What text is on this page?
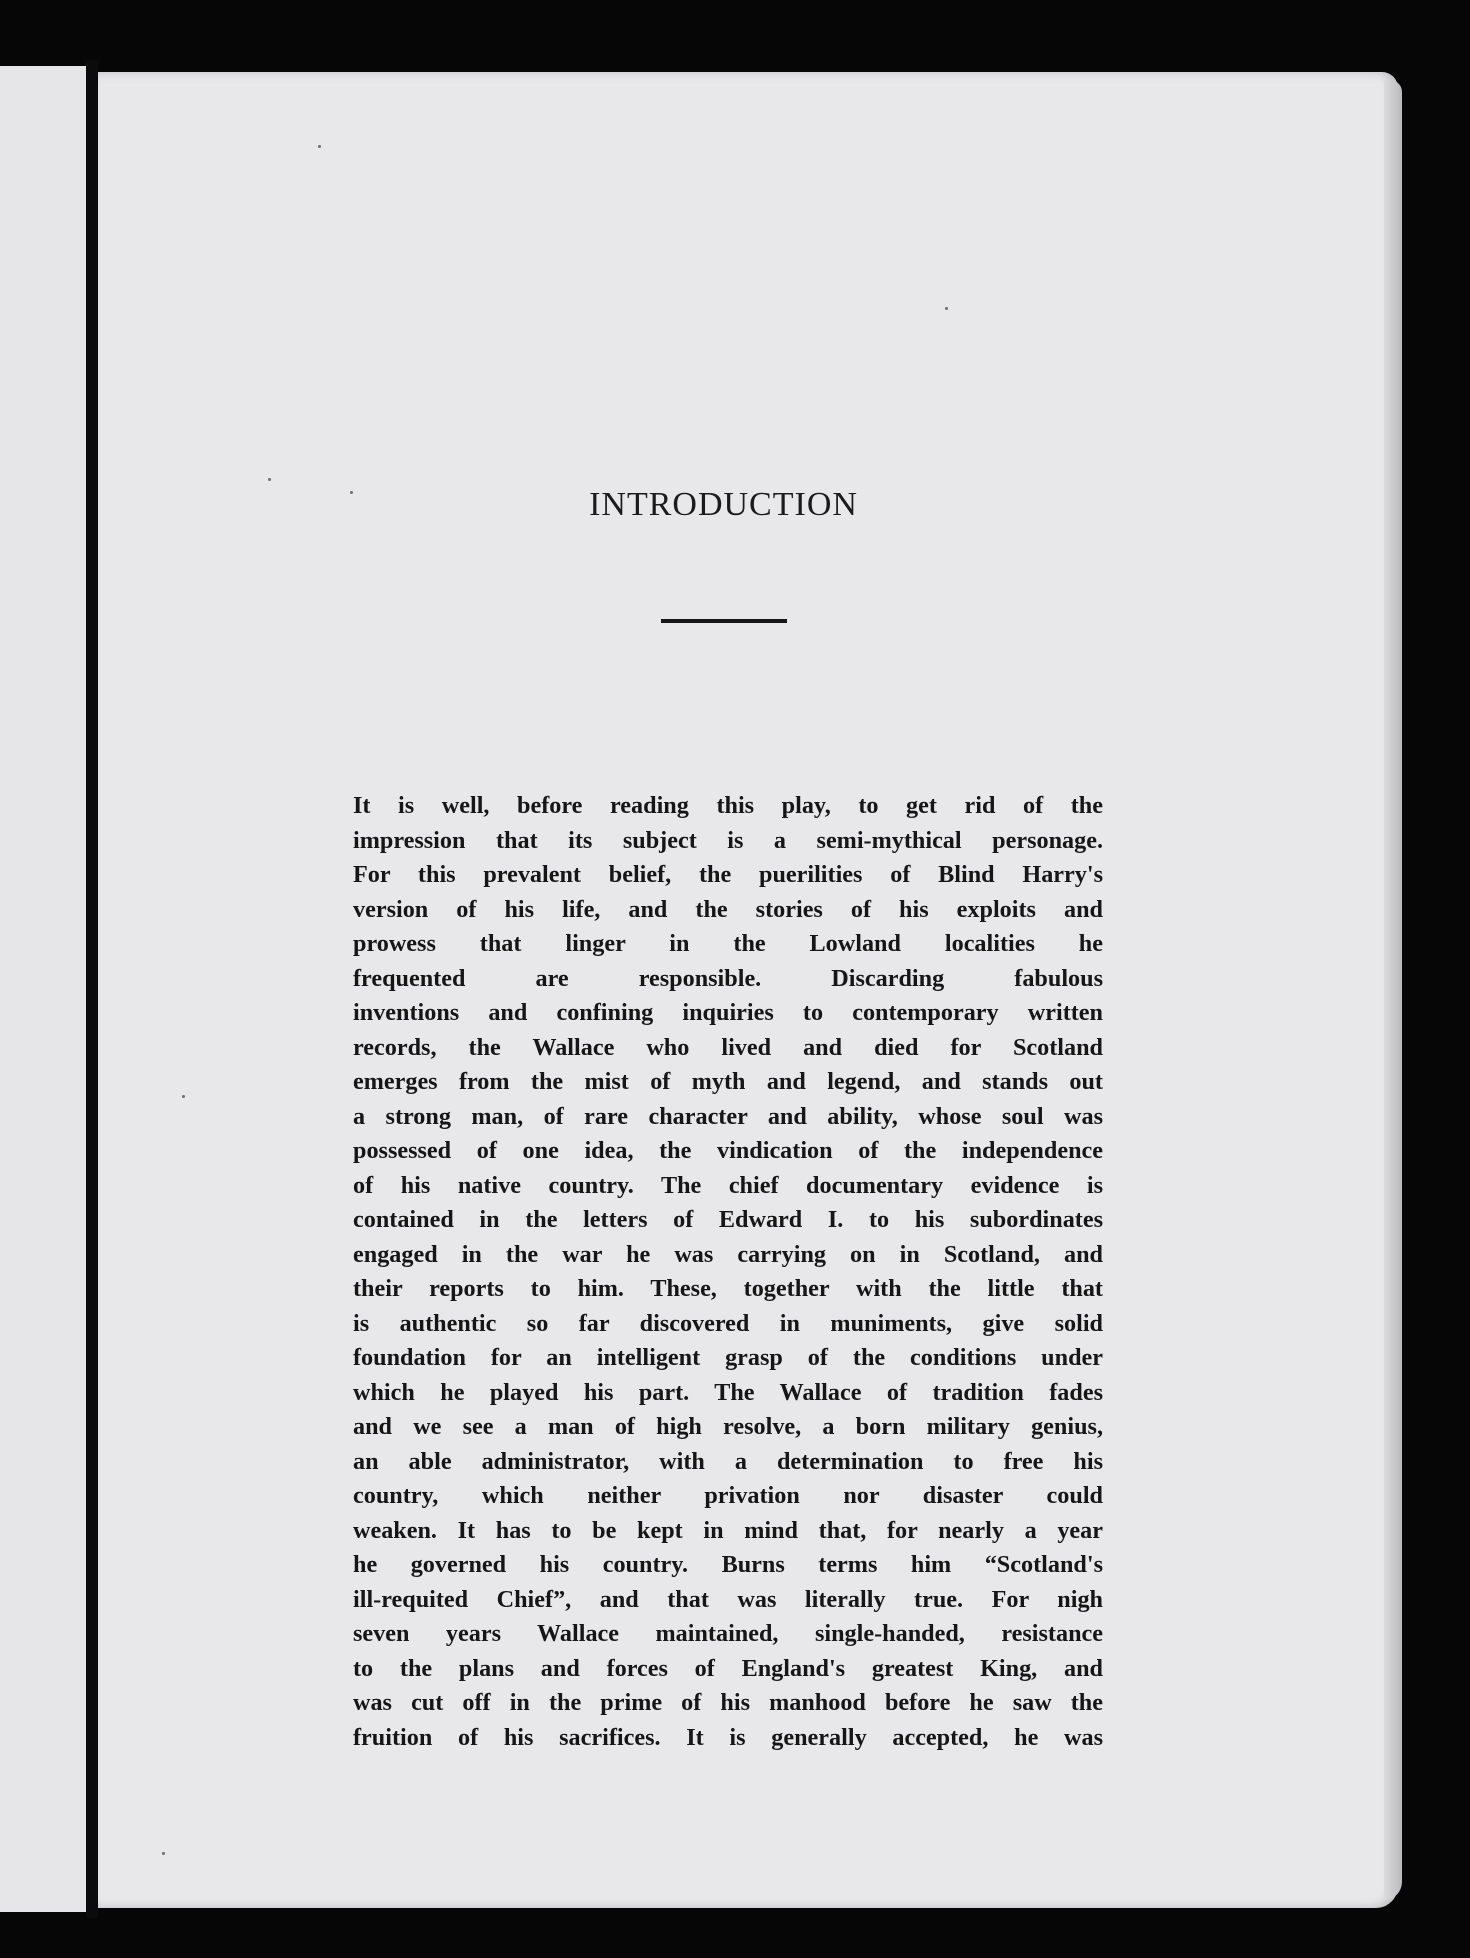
INTRODUCTION
It is well, before reading this play, to get rid of the
impression that its subject is a semi-mythical personage.
For this prevalent belief, the puerilities of Blind Harry's
version of his life, and the stories of his exploits and
prowess that linger in the Lowland localities he
frequented are responsible. Discarding fabulous
inventions and confining inquiries to contemporary written
records, the Wallace who lived and died for Scotland
emerges from the mist of myth and legend, and stands out
a strong man, of rare character and ability, whose soul was
possessed of one idea, the vindication of the independence
of his native country. The chief documentary evidence is
contained in the letters of Edward I. to his subordinates
engaged in the war he was carrying on in Scotland, and
their reports to him. These, together with the little that
is authentic so far discovered in muniments, give solid
foundation for an intelligent grasp of the conditions under
which he played his part. The Wallace of tradition fades
and we see a man of high resolve, a born military genius,
an able administrator, with a determination to free his
country, which neither privation nor disaster could
weaken. It has to be kept in mind that, for nearly a year
he governed his country. Burns terms him “Scotland's
ill-requited Chief”, and that was literally true. For nigh
seven years Wallace maintained, single-handed, resistance
to the plans and forces of England's greatest King, and
was cut off in the prime of his manhood before he saw the
fruition of his sacrifices. It is generally accepted, he was
